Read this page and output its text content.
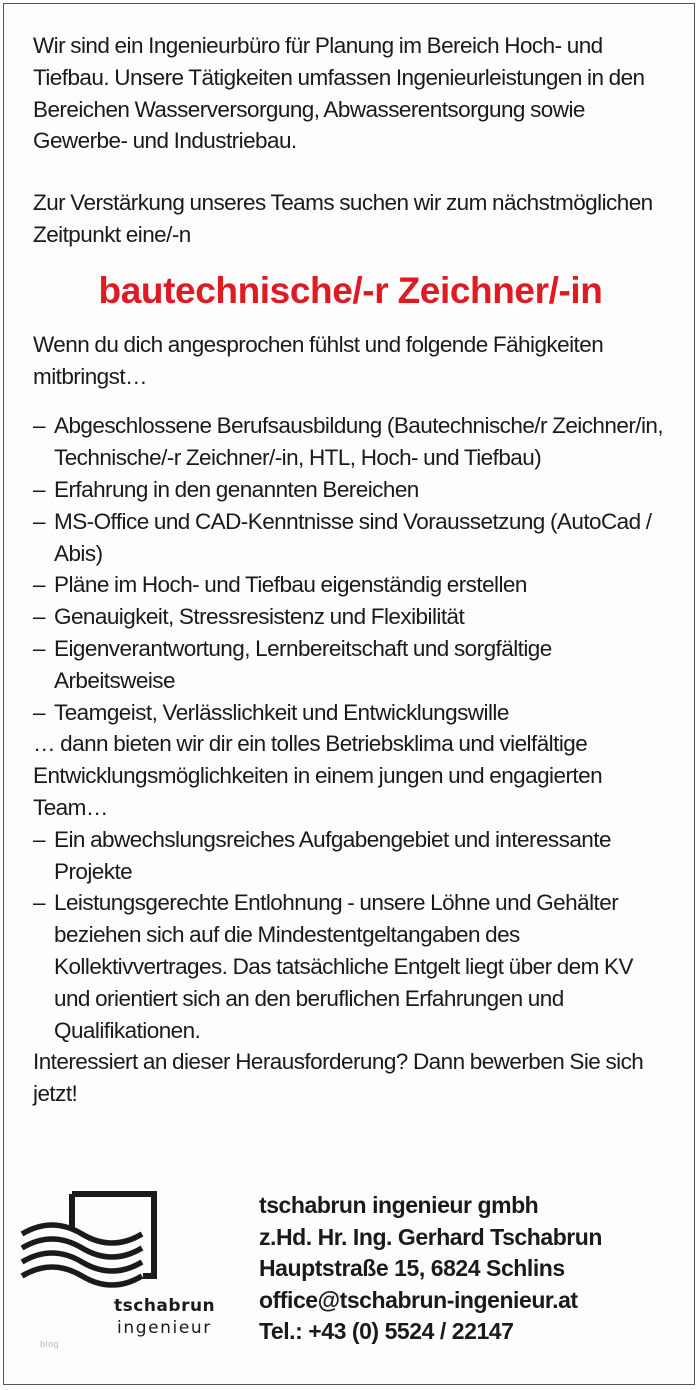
Wir sind ein Ingenieurbüro für Planung im Bereich Hoch- und Tiefbau. Unsere Tätigkeiten umfassen Ingenieurleistungen in den Bereichen Wasserversorgung, Abwasserentsorgung sowie Gewerbe- und Industriebau.

Zur Verstärkung unseres Teams suchen wir zum nächstmöglichen Zeitpunkt eine/-n

bautechnische/-r Zeichner/-in

Wenn du dich angesprochen fühlst und folgende Fähigkeiten mitbringst…

– Abgeschlossene Berufsausbildung (Bautechnische/r Zeichner/in, Technische/-r Zeichner/-in, HTL, Hoch- und Tiefbau)
– Erfahrung in den genannten Bereichen
– MS-Office und CAD-Kenntnisse sind Voraussetzung (AutoCad / Abis)
– Pläne im Hoch- und Tiefbau eigenständig erstellen
– Genauigkeit, Stressresistenz und Flexibilität
– Eigenverantwortung, Lernbereitschaft und sorgfältige Arbeitsweise
– Teamgeist, Verlässlichkeit und Entwicklungswille

… dann bieten wir dir ein tolles Betriebsklima und vielfältige Entwicklungsmöglichkeiten in einem jungen und engagierten Team…

– Ein abwechslungsreiches Aufgabengebiet und interessante Projekte
– Leistungsgerechte Entlohnung - unsere Löhne und Gehälter beziehen sich auf die Mindestentgeltangaben des Kollektivvertrages. Das tatsächliche Entgelt liegt über dem KV und orientiert sich an den beruflichen Erfahrungen und Qualifikationen.

Interessiert an dieser Herausforderung? Dann bewerben Sie sich jetzt!

tschabrun
ingenieur
blog
tschabrun ingenieur gmbh
z.Hd. Hr. Ing. Gerhard Tschabrun
Hauptstraße 15, 6824 Schlins
office@tschabrun-ingenieur.at
Tel.: +43 (0) 5524 / 22147
